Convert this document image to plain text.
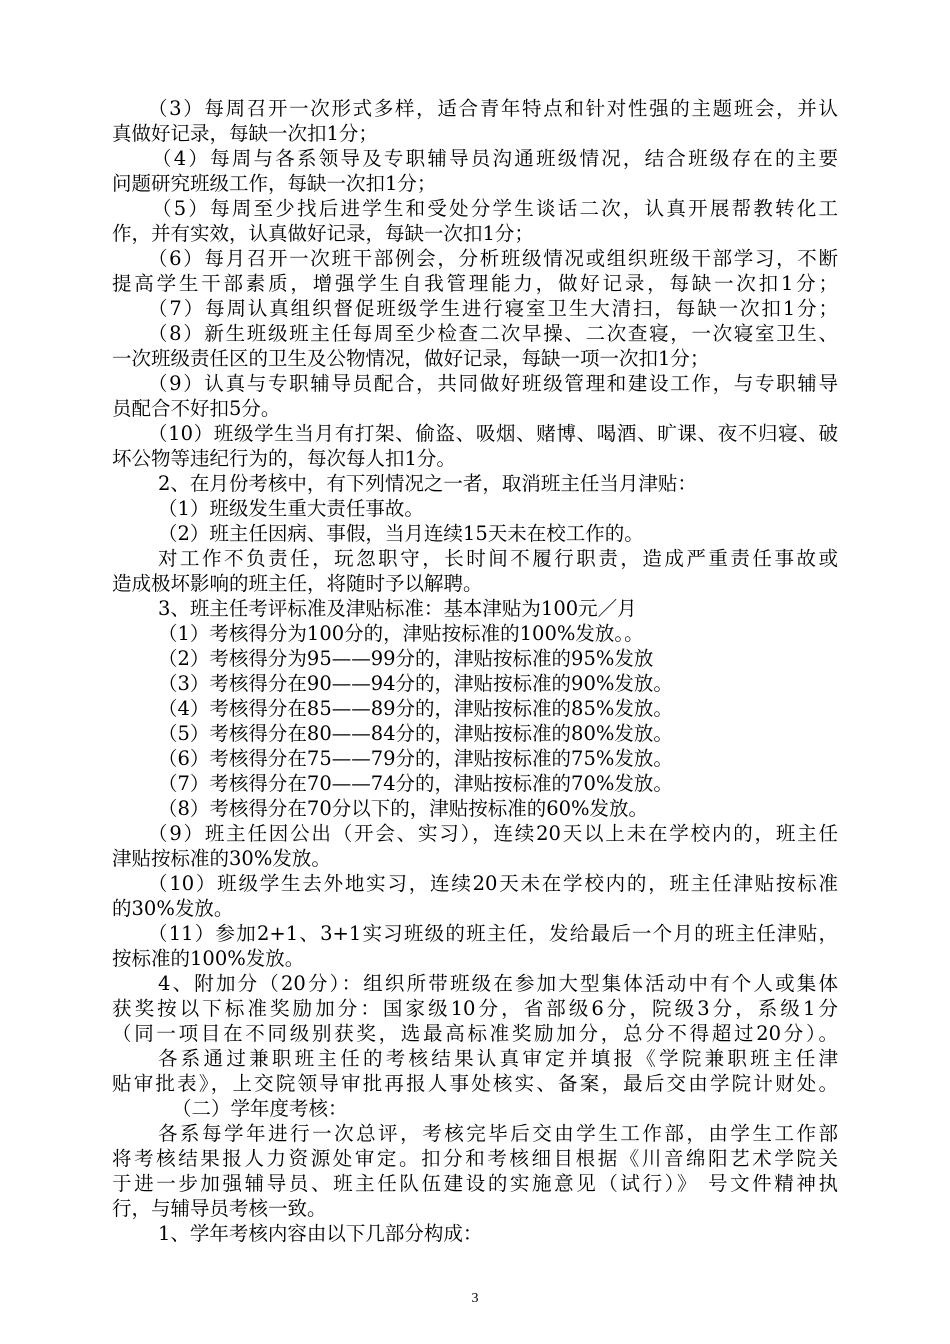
（3）每周召开一次形式多样，适合青年特点和针对性强的主题班会，并认
真做好记录，每缺一次扣1分；
（4）每周与各系领导及专职辅导员沟通班级情况，结合班级存在的主要
问题研究班级工作，每缺一次扣1分；
（5）每周至少找后进学生和受处分学生谈话二次，认真开展帮教转化工
作，并有实效，认真做好记录，每缺一次扣1分；
（6）每月召开一次班干部例会，分析班级情况或组织班级干部学习，不断
提高学生干部素质，增强学生自我管理能力，做好记录，每缺一次扣1分；
（7）每周认真组织督促班级学生进行寝室卫生大清扫，每缺一次扣1分；
（8）新生班级班主任每周至少检查二次早操、二次查寝，一次寝室卫生、
一次班级责任区的卫生及公物情况，做好记录，每缺一项一次扣1分；
（9）认真与专职辅导员配合，共同做好班级管理和建设工作，与专职辅导
员配合不好扣5分。
（10）班级学生当月有打架、偷盗、吸烟、赌博、喝酒、旷课、夜不归寝、破
坏公物等违纪行为的，每次每人扣1分。
2、在月份考核中，有下列情况之一者，取消班主任当月津贴：
（1）班级发生重大责任事故。
（2）班主任因病、事假，当月连续15天未在校工作的。
对工作不负责任，玩忽职守，长时间不履行职责，造成严重责任事故或
造成极坏影响的班主任，将随时予以解聘。
3、班主任考评标准及津贴标准：基本津贴为100元／月
（1）考核得分为100分的，津贴按标准的100%发放。。
（2）考核得分为95——99分的，津贴按标准的95%发放
（3）考核得分在90——94分的，津贴按标准的90%发放。
（4）考核得分在85——89分的，津贴按标准的85%发放。
（5）考核得分在80——84分的，津贴按标准的80%发放。
（6）考核得分在75——79分的，津贴按标准的75%发放。
（7）考核得分在70——74分的，津贴按标准的70%发放。
（8）考核得分在70分以下的，津贴按标准的60%发放。
（9）班主任因公出（开会、实习），连续20天以上未在学校内的，班主任
津贴按标准的30%发放。
（10）班级学生去外地实习，连续20天未在学校内的，班主任津贴按标准
的30%发放。
（11）参加2+1、3+1实习班级的班主任，发给最后一个月的班主任津贴，
按标准的100%发放。
4、附加分（20分）：组织所带班级在参加大型集体活动中有个人或集体
获奖按以下标准奖励加分：国家级10分，省部级6分，院级3分，系级1分
（同一项目在不同级别获奖，选最高标准奖励加分，总分不得超过20分）。
各系通过兼职班主任的考核结果认真审定并填报《学院兼职班主任津
贴审批表》，上交院领导审批再报人事处核实、备案，最后交由学院计财处。
（二）学年度考核：
各系每学年进行一次总评，考核完毕后交由学生工作部，由学生工作部
将考核结果报人力资源处审定。扣分和考核细目根据《川音绵阳艺术学院关
于进一步加强辅导员、班主任队伍建设的实施意见（试行）》 号文件精神执
行，与辅导员考核一致。
1、学年考核内容由以下几部分构成：
3
